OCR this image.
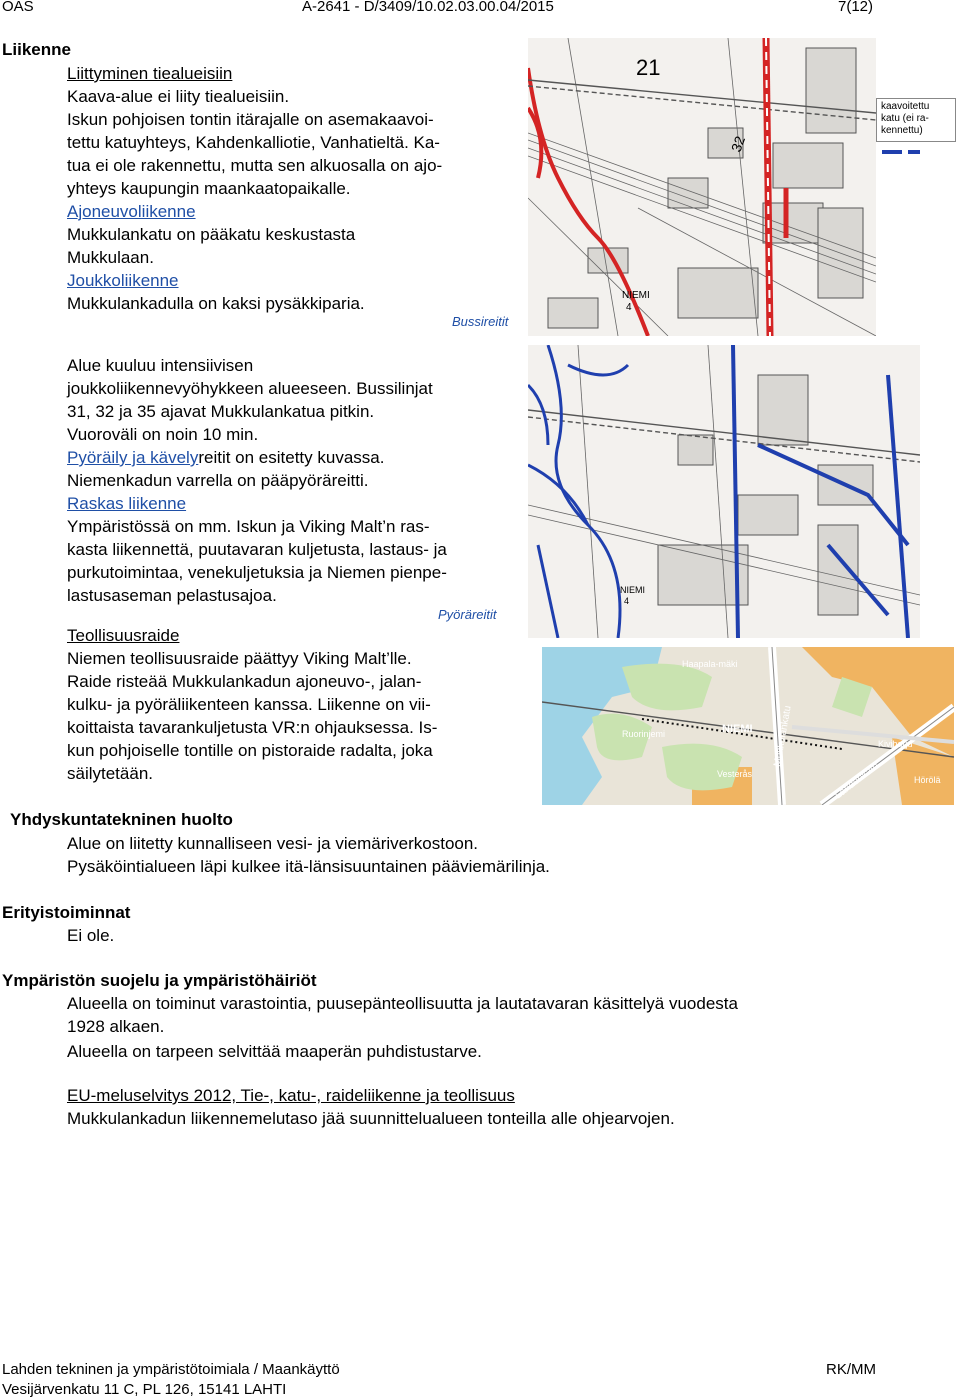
OAS	A-2641 - D/3409/10.02.03.00.04/2015	7(12)
Liikenne
Liittyminen tiealueisiin
Kaava-alue ei liity tiealueisiin.
Iskun pohjoisen tontin itärajalle on asemakaavoi-
tettu katuyhteys, Kahdenkalliotie, Vanhatieltä. Ka-
tua ei ole rakennettu, mutta sen alkuosalla on ajo-
yhteys kaupungin maankaatopaikalle.
Ajoneuvoliikenne
Mukkulankatu on pääkatu keskustasta
Mukkulaan.
Joukkoliikenne
Mukkulankadulla on kaksi pysäkkiparia.
Bussireitit
Alue kuuluu intensiivisen
joukkoliikennevyöhykkeen alueeseen. Bussilinjat
31, 32 ja 35 ajavat Mukkulankatua pitkin.
Vuoroväli on noin 10 min.
Pyöräily ja kävelyreitit on esitetty kuvassa.
Niemenkadun varrella on pääpyöräreitti.
Raskas liikenne
Ympäristössä on mm. Iskun ja Viking Malt’n ras-
kasta liikennettä, puutavaran kuljetusta, lastaus- ja
purkutoimintaa, venekuljetuksia ja Niemen pienpe-
lastusaseman pelastusajoa.
Pyöräreitit
Teollisuusraide
Niemen teollisuusraide päättyy Viking Malt’lle.
Raide risteää Mukkulankadun ajoneuvo-, jalan-
kulku- ja pyöräliikenteen kanssa. Liikenne on vii-
koittaista tavarankuljetusta VR:n ohjauksessa. Is-
kun pohjoiselle tontille on pistoraide radalta, joka
säilytetään.
21
32
NIEMI
4
kaavoitettu katu (ei ra-kennettu)
NIEMI
4
Haapala-mäki
NIEMI
Ruorinjemi
Vesterås
Kiviharju
Hörölä
Mukkulankatu
Lahdenkatu
Yhdyskuntatekninen huolto
Alue on liitetty kunnalliseen vesi- ja viemäriverkostoon.
Pysäköintialueen läpi kulkee itä-länsisuuntainen pääviemärilinja.
Erityistoiminnat
Ei ole.
Ympäristön suojelu ja ympäristöhäiriöt
Alueella on toiminut varastointia, puusepänteollisuutta ja lautatavaran käsittelyä vuodesta
1928 alkaen.
Alueella on tarpeen selvittää maaperän puhdistustarve.
EU-meluselvitys 2012, Tie-, katu-, raideliikenne ja teollisuus
Mukkulankadun liikennemelutaso jää suunnittelualueen tonteilla alle ohjearvojen.
Lahden tekninen ja ympäristötoimiala / Maankäyttö
Vesijärvenkatu 11 C, PL 126, 15141 LAHTI
RK/MM
